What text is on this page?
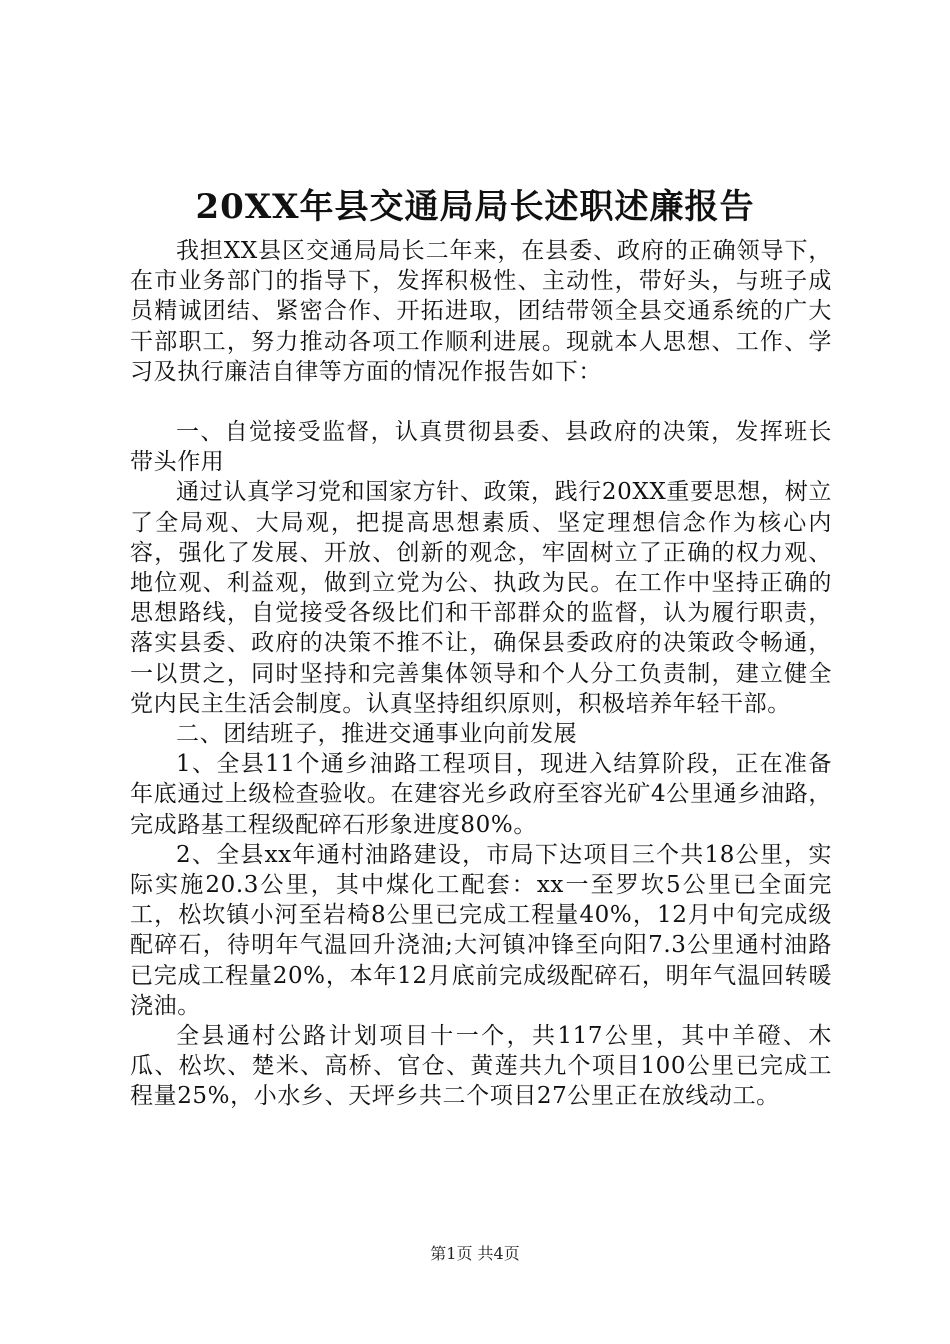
20XX年县交通局局长述职述廉报告

我担XX县区交通局局长二年来，在县委、政府的正确领导下，在市业务部门的指导下，发挥积极性、主动性，带好头，与班子成员精诚团结、紧密合作、开拓进取，团结带领全县交通系统的广大干部职工，努力推动各项工作顺利进展。现就本人思想、工作、学习及执行廉洁自律等方面的情况作报告如下：

一、自觉接受监督，认真贯彻县委、县政府的决策，发挥班长带头作用

通过认真学习党和国家方针、政策，践行20XX重要思想，树立了全局观、大局观，把提高思想素质、坚定理想信念作为核心内容，强化了发展、开放、创新的观念，牢固树立了正确的权力观、地位观、利益观，做到立党为公、执政为民。在工作中坚持正确的思想路线，自觉接受各级比们和干部群众的监督，认为履行职责，落实县委、政府的决策不推不让，确保县委政府的决策政令畅通，一以贯之，同时坚持和完善集体领导和个人分工负责制，建立健全党内民主生活会制度。认真坚持组织原则，积极培养年轻干部。

二、团结班子，推进交通事业向前发展

1、全县11个通乡油路工程项目，现进入结算阶段，正在准备年底通过上级检查验收。在建容光乡政府至容光矿4公里通乡油路，完成路基工程级配碎石形象进度80%。

2、全县xx年通村油路建设，市局下达项目三个共18公里，实际实施20.3公里，其中煤化工配套：xx一至罗坎5公里已全面完工，松坎镇小河至岩椅8公里已完成工程量40%，12月中旬完成级配碎石，待明年气温回升浇油;大河镇冲锋至向阳7.3公里通村油路已完成工程量20%，本年12月底前完成级配碎石，明年气温回转暖浇油。

全县通村公路计划项目十一个，共117公里，其中羊磴、木瓜、松坎、楚米、高桥、官仓、黄莲共九个项目100公里已完成工程量25%，小水乡、天坪乡共二个项目27公里正在放线动工。

第1页 共4页
